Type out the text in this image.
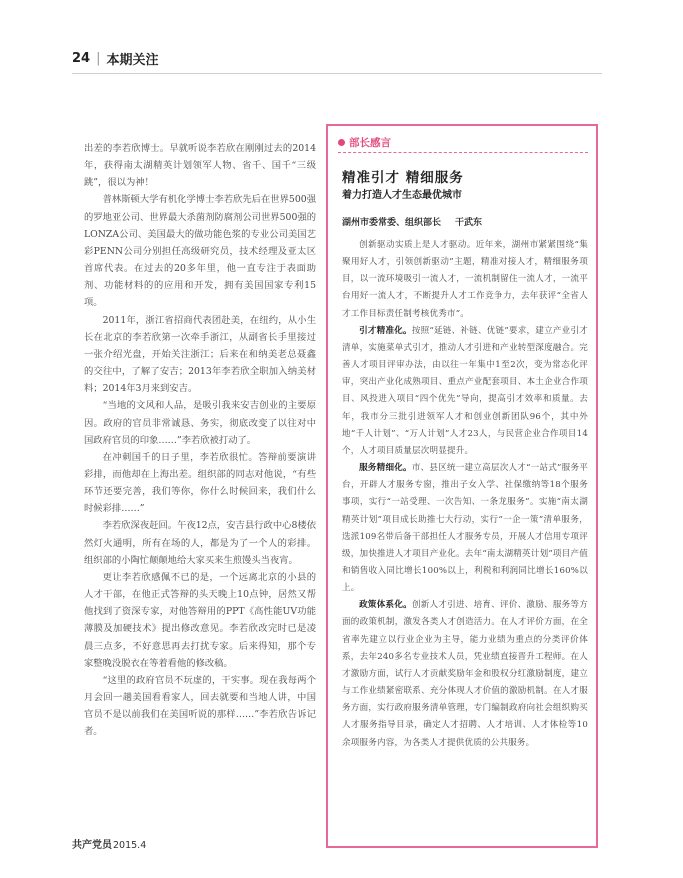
24 | 本期关注

出差的李若欣博士。早就听说李若欣在刚刚过去的2014年，获得南太湖精英计划领军人物、省千、国千“三级跳”，很以为神！

普林斯顿大学有机化学博士李若欣先后在世界500强的罗地亚公司、世界最大杀菌剂防腐剂公司世界500强的LONZA公司、美国最大的做功能色浆的专业公司美国艺彩PENN公司分别担任高级研究员，技术经理及亚太区首席代表。在过去的20多年里，他一直专注于表面助剂、功能材料的的应用和开发，拥有美国国家专利15项。

2011年，浙江省招商代表团赴美，在纽约，从小生长在北京的李若欣第一次牵手浙江，从副省长手里接过一张介绍光盘，开始关注浙江；后来在和纳美老总聂鑫的交往中，了解了安吉；2013年李若欣全职加入纳美材料；2014年3月来到安吉。

“当地的文风和人品，是吸引我来安吉创业的主要原因。政府的官员非常诚恳、务实，彻底改变了以往对中国政府官员的印象……”李若欣被打动了。

在冲刺国千的日子里，李若欣很忙。答辩前要演讲彩排，而他却在上海出差。组织部的同志对他说，“有些环节还要完善，我们等你，你什么时候回来，我们什么时候彩排……”

李若欣深夜赶回。午夜12点，安吉县行政中心8楼依然灯火通明，所有在场的人，都是为了一个人的彩排。组织部的小陶忙颠颠地给大家买来生煎馒头当夜宵。

更让李若欣感佩不已的是，一个远离北京的小县的人才干部，在他正式答辩的头天晚上10点钟，居然又帮他找到了资深专家，对他答辩用的PPT《高性能UV功能薄膜及加硬技术》提出修改意见。李若欣改完时已是凌晨三点多，不好意思再去打扰专家。后来得知，那个专家整晚没脱衣在等着看他的修改稿。

“这里的政府官员不玩虚的，干实事。现在我每两个月会回一趟美国看看家人，回去就要和当地人讲，中国官员不是以前我们在美国听说的那样……”李若欣告诉记者。

部长感言
精准引才 精细服务
着力打造人才生态最优城市
湖州市委常委、组织部长 干武东

创新驱动实质上是人才驱动。近年来，湖州市紧紧围绕“集聚用好人才，引领创新驱动”主题，精准对接人才，精细服务项目，以一流环境吸引一流人才，一流机制留住一流人才，一流平台用好一流人才，不断提升人才工作竞争力，去年获评“全省人才工作目标责任制考核优秀市”。

引才精准化。按照“延链、补链、优链”要求，建立产业引才清单，实施菜单式引才，推动人才引进和产业转型深度融合。完善人才项目评审办法，由以往一年集中1至2次，变为常态化评审，突出产业化成熟项目、重点产业配套项目、本土企业合作项目、风投进入项目“四个优先”导向，提高引才效率和质量。去年，我市分三批引进领军人才和创业创新团队96个，其中外地“千人计划”、“万人计划”人才23人，与民营企业合作项目14个，人才项目质量层次明显提升。

服务精细化。市、县区统一建立高层次人才“一站式”服务平台，开辟人才服务专窗，推出子女入学、社保缴纳等18个服务事项，实行“一站受理、一次告知、一条龙服务”。实施“南太湖精英计划”项目成长助推七大行动，实行“一企一策”清单服务，选派109名带后备干部担任人才服务专员，开展人才信用专项评级，加快推进人才项目产业化。去年“南太湖精英计划”项目产值和销售收入同比增长100%以上，利税和利润同比增长160%以上。

政策体系化。创新人才引进、培育、评价、激励、服务等方面的政策机制，激发各类人才创造活力。在人才评价方面，在全省率先建立以行业企业为主导，能力业绩为重点的分类评价体系，去年240多名专业技术人员，凭业绩直接晋升工程师。在人才激励方面，试行人才贡献奖励年金和股权分红激励制度，建立与工作业绩紧密联系、充分体现人才价值的激励机制。在人才服务方面，实行政府服务清单管理，专门编制政府向社会组织购买人才服务指导目录，确定人才招聘、人才培训、人才体检等10余项服务内容，为各类人才提供优质的公共服务。

共产党员 2015.4
